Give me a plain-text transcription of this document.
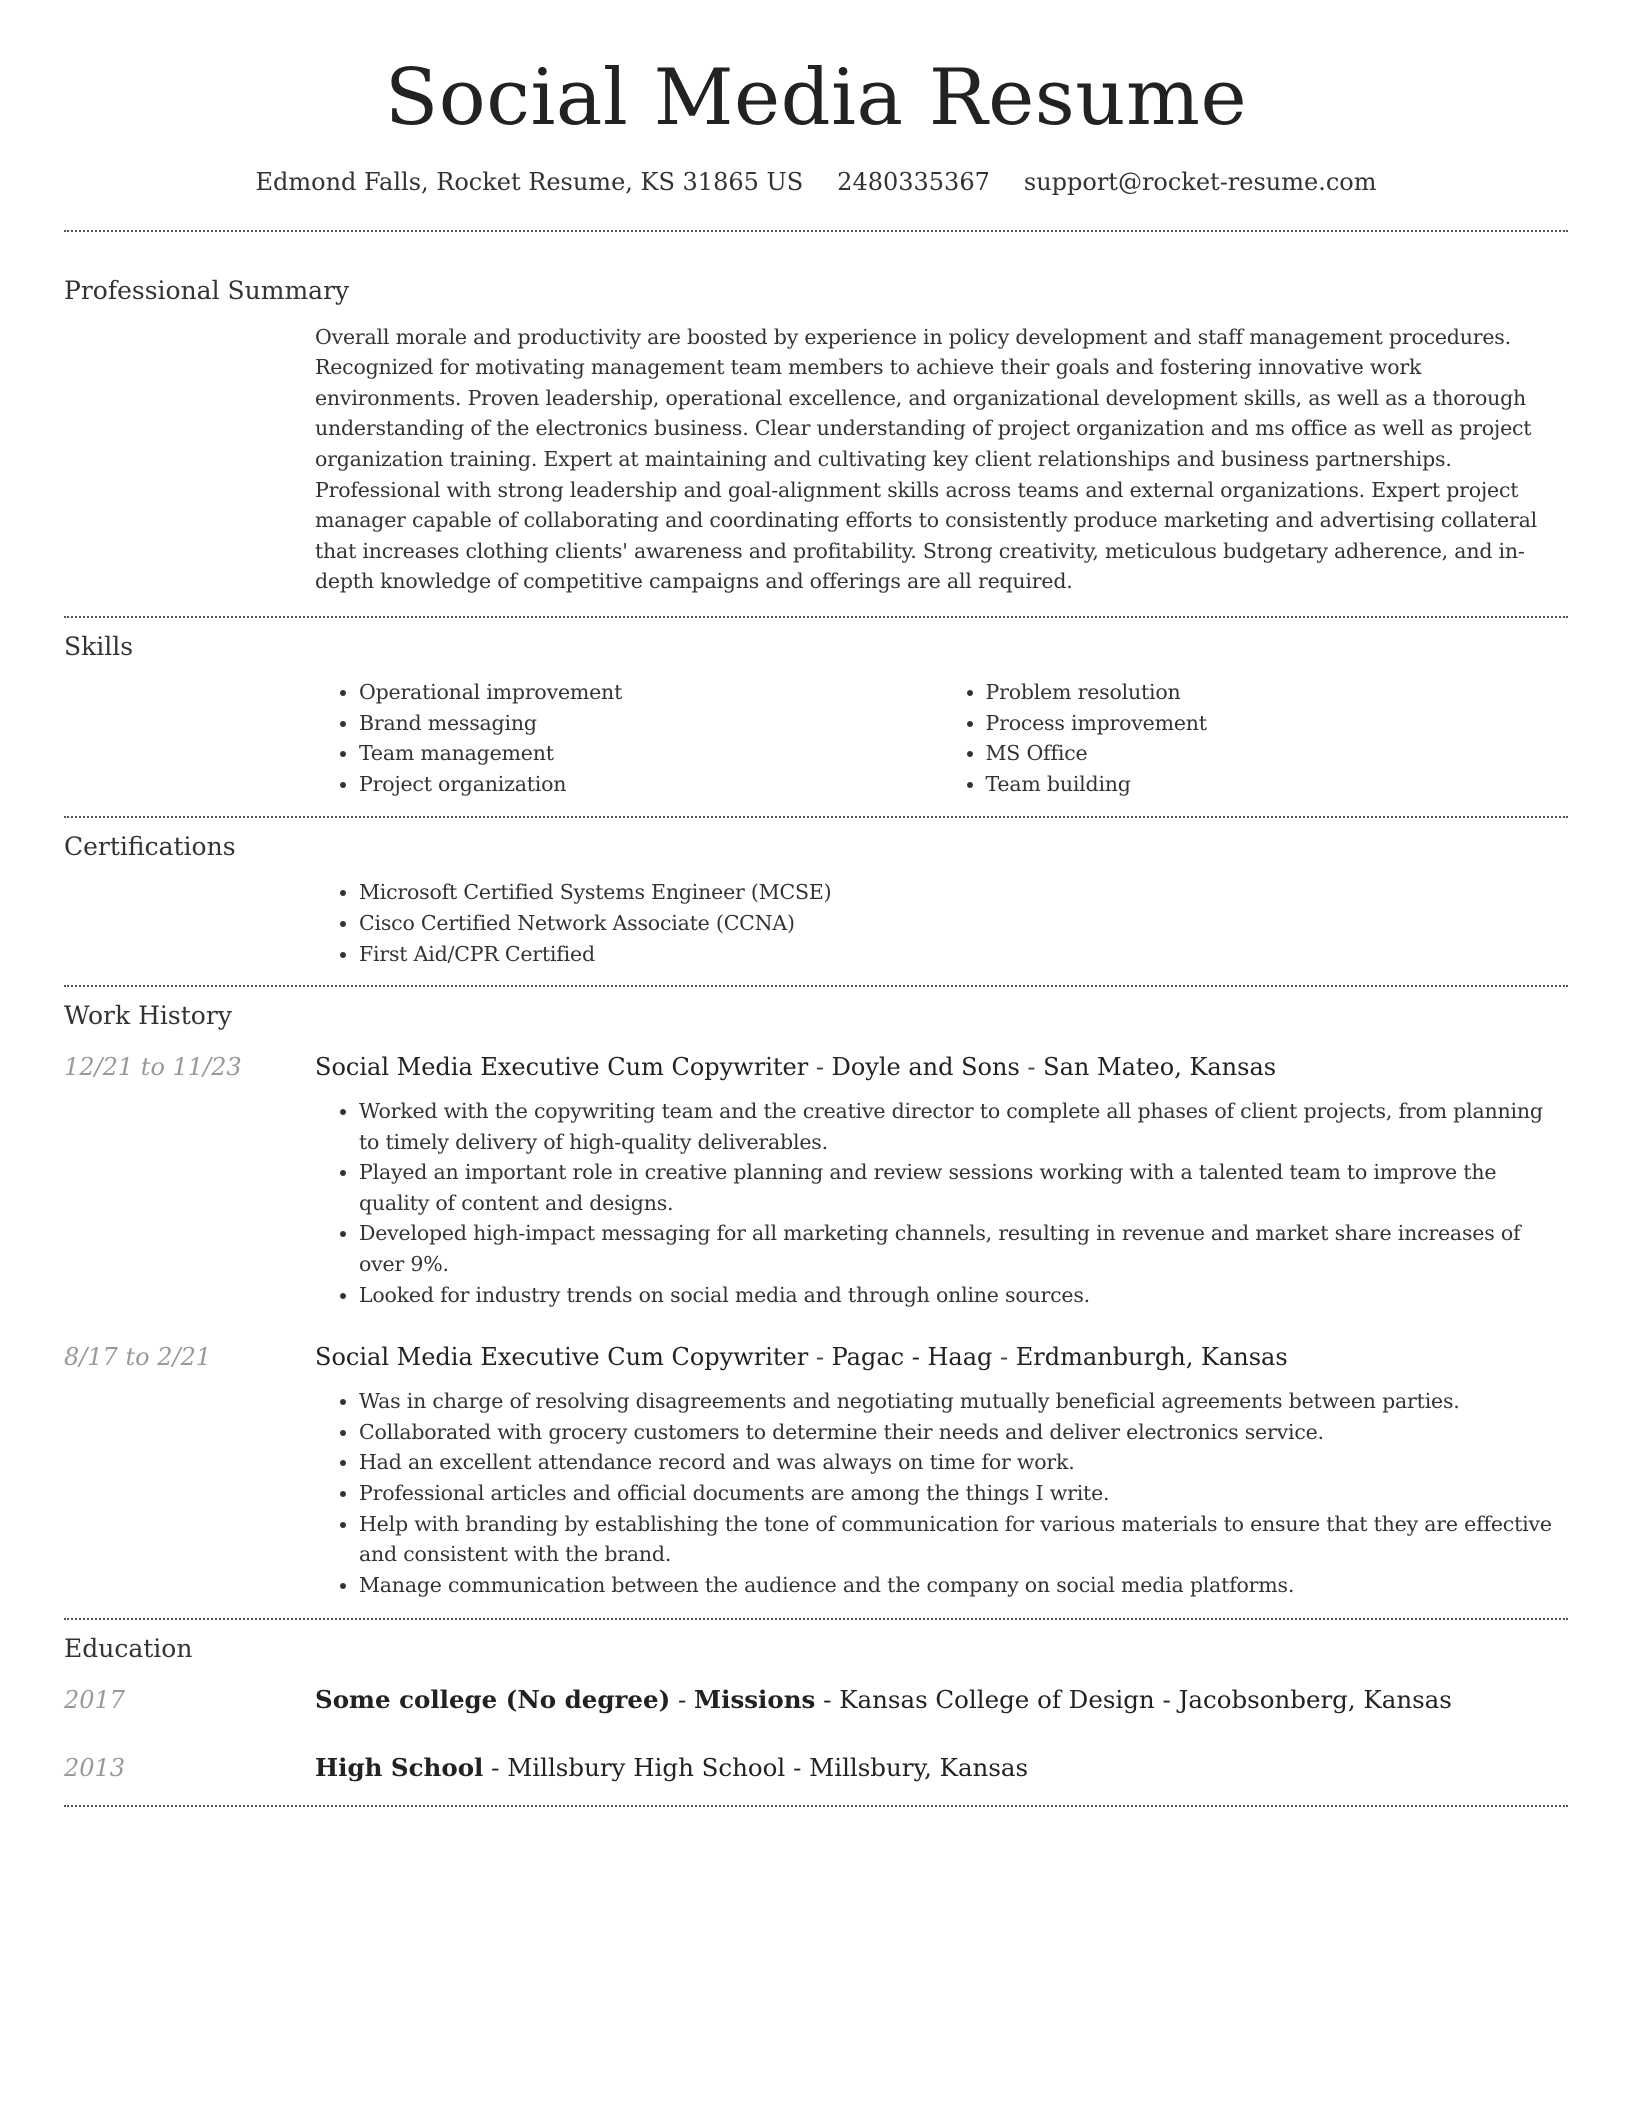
Social Media Resume
Edmond Falls, Rocket Resume, KS 31865 US 2480335367 support@rocket-resume.com
Professional Summary

Overall morale and productivity are boosted by experience in policy development and staff management procedures. Recognized for motivating management team members to achieve their goals and fostering innovative work environments. Proven leadership, operational excellence, and organizational development skills, as well as a thorough understanding of the electronics business. Clear understanding of project organization and ms office as well as project organization training. Expert at maintaining and cultivating key client relationships and business partnerships. Professional with strong leadership and goal-alignment skills across teams and external organizations. Expert project manager capable of collaborating and coordinating efforts to consistently produce marketing and advertising collateral that increases clothing clients' awareness and profitability. Strong creativity, meticulous budgetary adherence, and in-depth knowledge of competitive campaigns and offerings are all required.

Skills
• Operational improvement
• Brand messaging
• Team management
• Project organization
• Problem resolution
• Process improvement
• MS Office
• Team building
Certifications
• Microsoft Certified Systems Engineer (MCSE)
• Cisco Certified Network Associate (CCNA)
• First Aid/CPR Certified
Work History
12/21 to 11/23	Social Media Executive Cum Copywriter - Doyle and Sons - San Mateo, Kansas
• Worked with the copywriting team and the creative director to complete all phases of client projects, from planning to timely delivery of high-quality deliverables.
• Played an important role in creative planning and review sessions working with a talented team to improve the quality of content and designs.
• Developed high-impact messaging for all marketing channels, resulting in revenue and market share increases of over 9%.
• Looked for industry trends on social media and through online sources.
8/17 to 2/21	Social Media Executive Cum Copywriter - Pagac - Haag - Erdmanburgh, Kansas
• Was in charge of resolving disagreements and negotiating mutually beneficial agreements between parties.
• Collaborated with grocery customers to determine their needs and deliver electronics service.
• Had an excellent attendance record and was always on time for work.
• Professional articles and official documents are among the things I write.
• Help with branding by establishing the tone of communication for various materials to ensure that they are effective and consistent with the brand.
• Manage communication between the audience and the company on social media platforms.
Education
2017	Some college (No degree) - Missions - Kansas College of Design - Jacobsonberg, Kansas
2013	High School - Millsbury High School - Millsbury, Kansas
